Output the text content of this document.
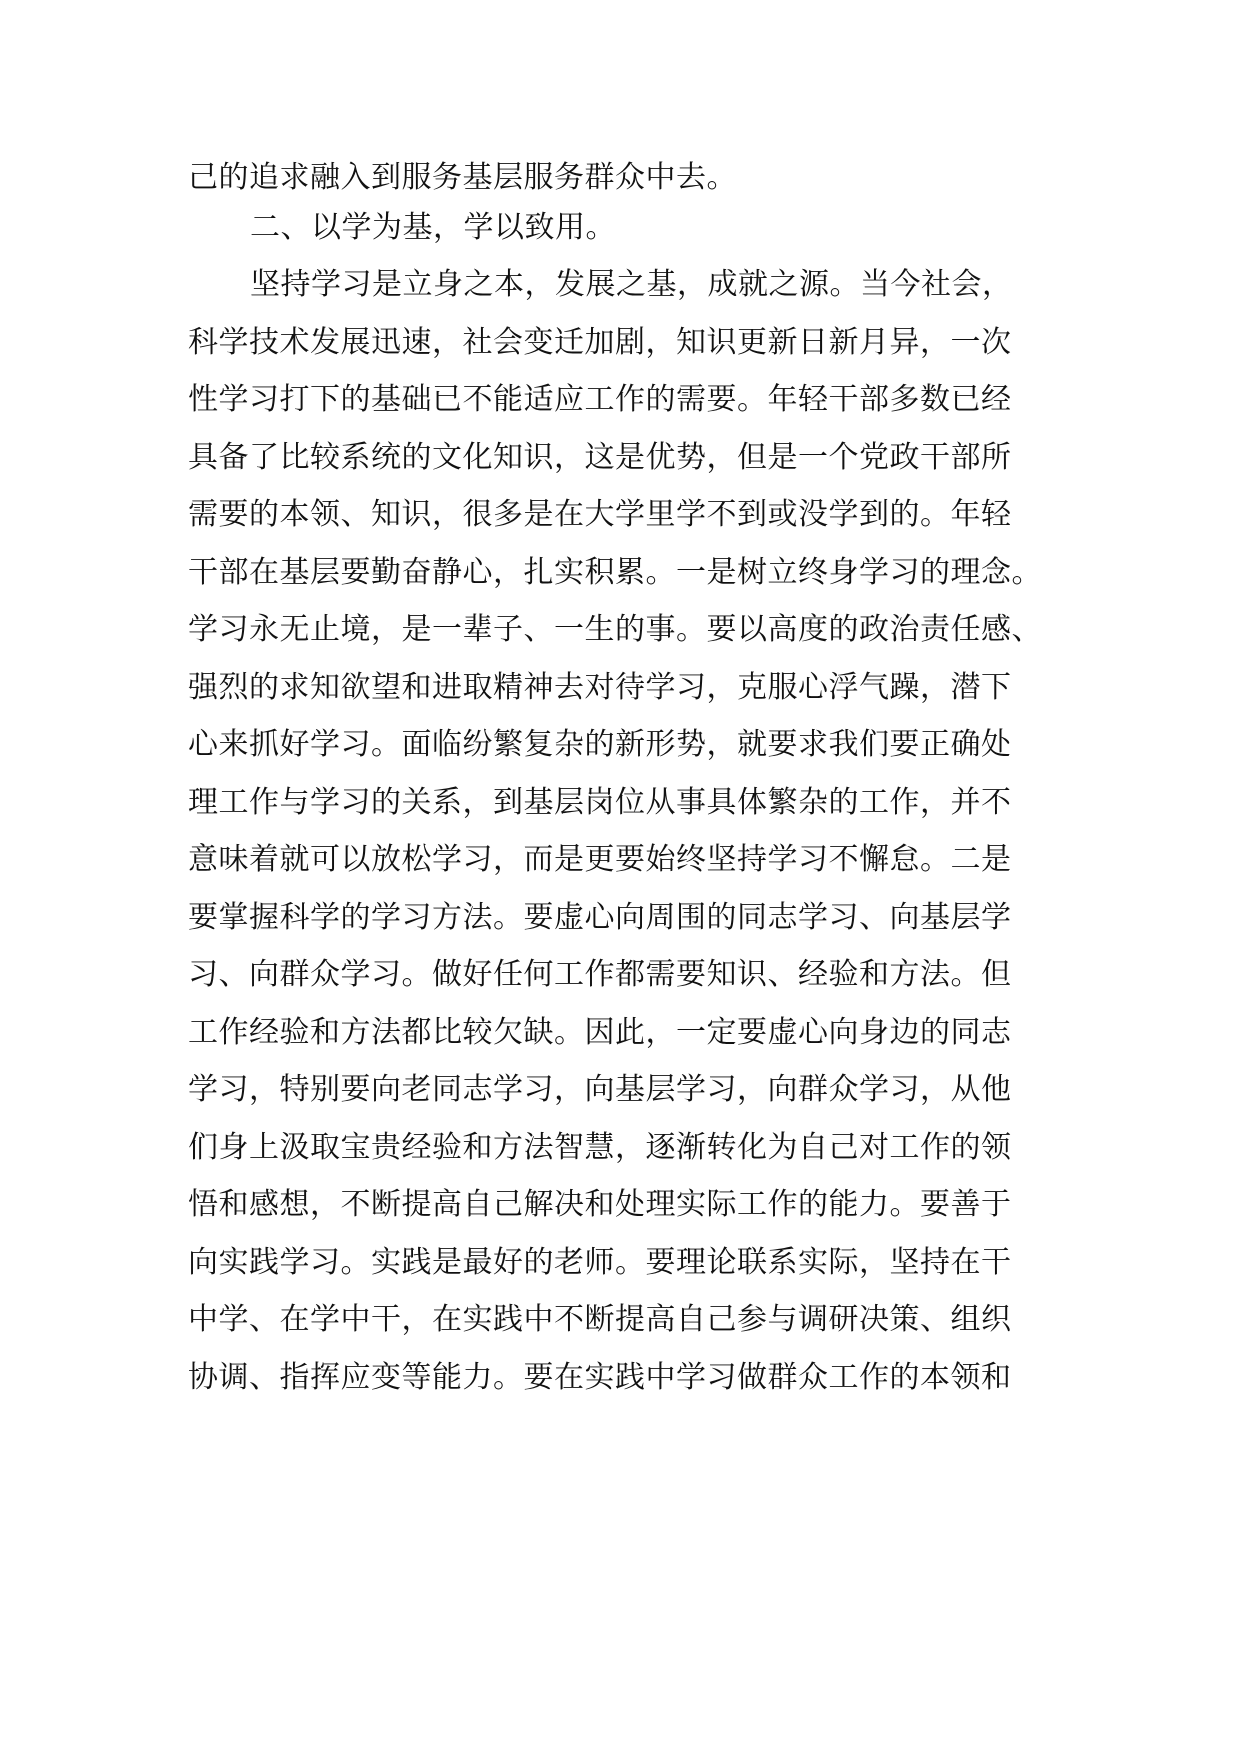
己的追求融入到服务基层服务群众中去。
二、以学为基，学以致用。
坚持学习是立身之本，发展之基，成就之源。当今社会，
科学技术发展迅速，社会变迁加剧，知识更新日新月异，一次
性学习打下的基础已不能适应工作的需要。年轻干部多数已经
具备了比较系统的文化知识，这是优势，但是一个党政干部所
需要的本领、知识，很多是在大学里学不到或没学到的。年轻
干部在基层要勤奋静心，扎实积累。一是树立终身学习的理念。
学习永无止境，是一辈子、一生的事。要以高度的政治责任感、
强烈的求知欲望和进取精神去对待学习，克服心浮气躁，潜下
心来抓好学习。面临纷繁复杂的新形势，就要求我们要正确处
理工作与学习的关系，到基层岗位从事具体繁杂的工作，并不
意味着就可以放松学习，而是更要始终坚持学习不懈怠。二是
要掌握科学的学习方法。要虚心向周围的同志学习、向基层学
习、向群众学习。做好任何工作都需要知识、经验和方法。但
工作经验和方法都比较欠缺。因此，一定要虚心向身边的同志
学习，特别要向老同志学习，向基层学习，向群众学习，从他
们身上汲取宝贵经验和方法智慧，逐渐转化为自己对工作的领
悟和感想，不断提高自己解决和处理实际工作的能力。要善于
向实践学习。实践是最好的老师。要理论联系实际，坚持在干
中学、在学中干，在实践中不断提高自己参与调研决策、组织
协调、指挥应变等能力。要在实践中学习做群众工作的本领和
